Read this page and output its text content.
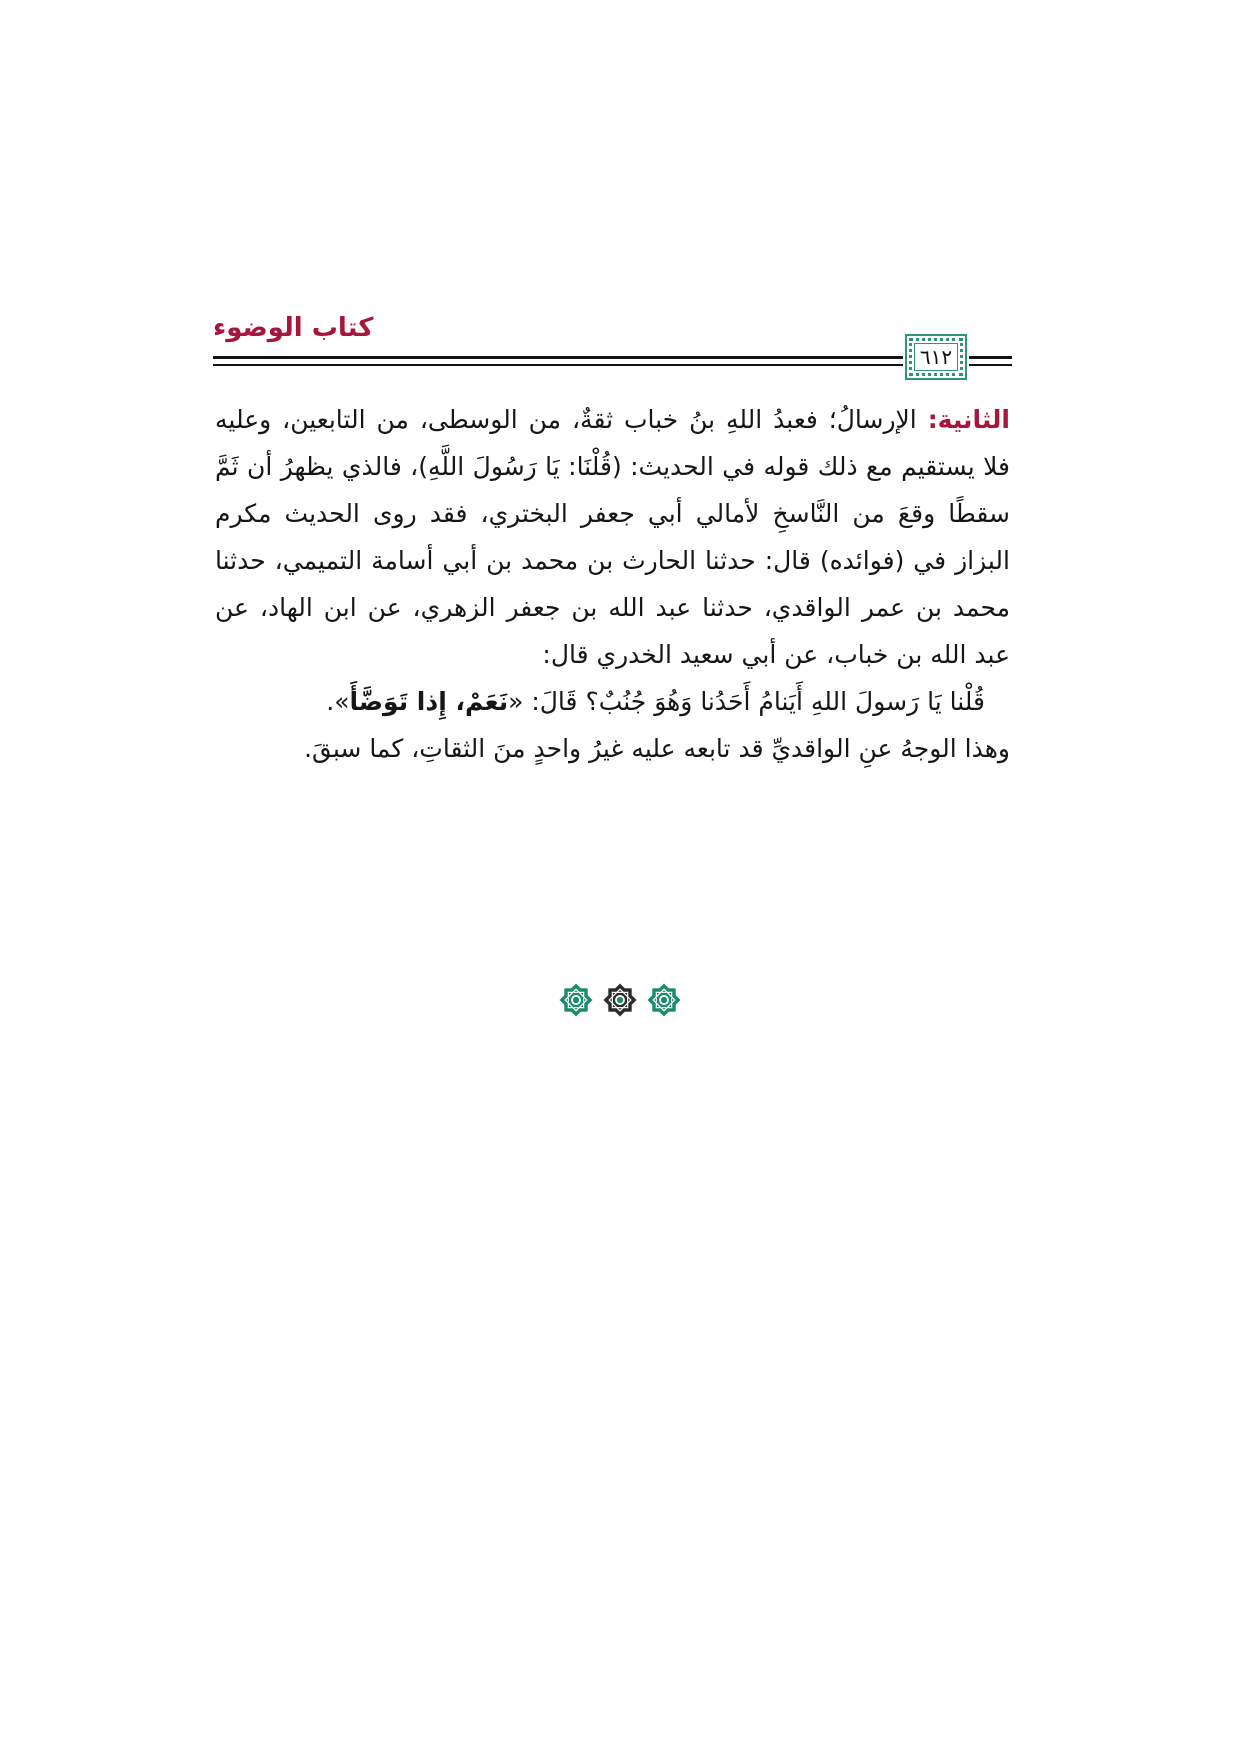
كتاب الوضوء
٦١٢

الثانية: الإرسالُ؛ فعبدُ اللهِ بنُ خباب ثقةٌ، من الوسطى، من التابعين، وعليه فلا يستقيم مع ذلك قوله في الحديث: (قُلْنَا: يَا رَسُولَ اللَّهِ)، فالذي يظهرُ أن ثَمَّ سقطًا وقعَ من النَّاسخِ لأمالي أبي جعفر البختري، فقد روى الحديث مكرم البزاز في (فوائده) قال: حدثنا الحارث بن محمد بن أبي أسامة التميمي، حدثنا محمد بن عمر الواقدي، حدثنا عبد الله بن جعفر الزهري، عن ابن الهاد، عن عبد الله بن خباب، عن أبي سعيد الخدري قال:

قُلْنا يَا رَسولَ اللهِ أَيَنامُ أَحَدُنا وَهُوَ جُنُبٌ؟ قَالَ: «نَعَمْ، إِذا تَوَضَّأَ».

وهذا الوجهُ عنِ الواقديِّ قد تابعه عليه غيرُ واحدٍ منَ الثقاتِ، كما سبقَ.
